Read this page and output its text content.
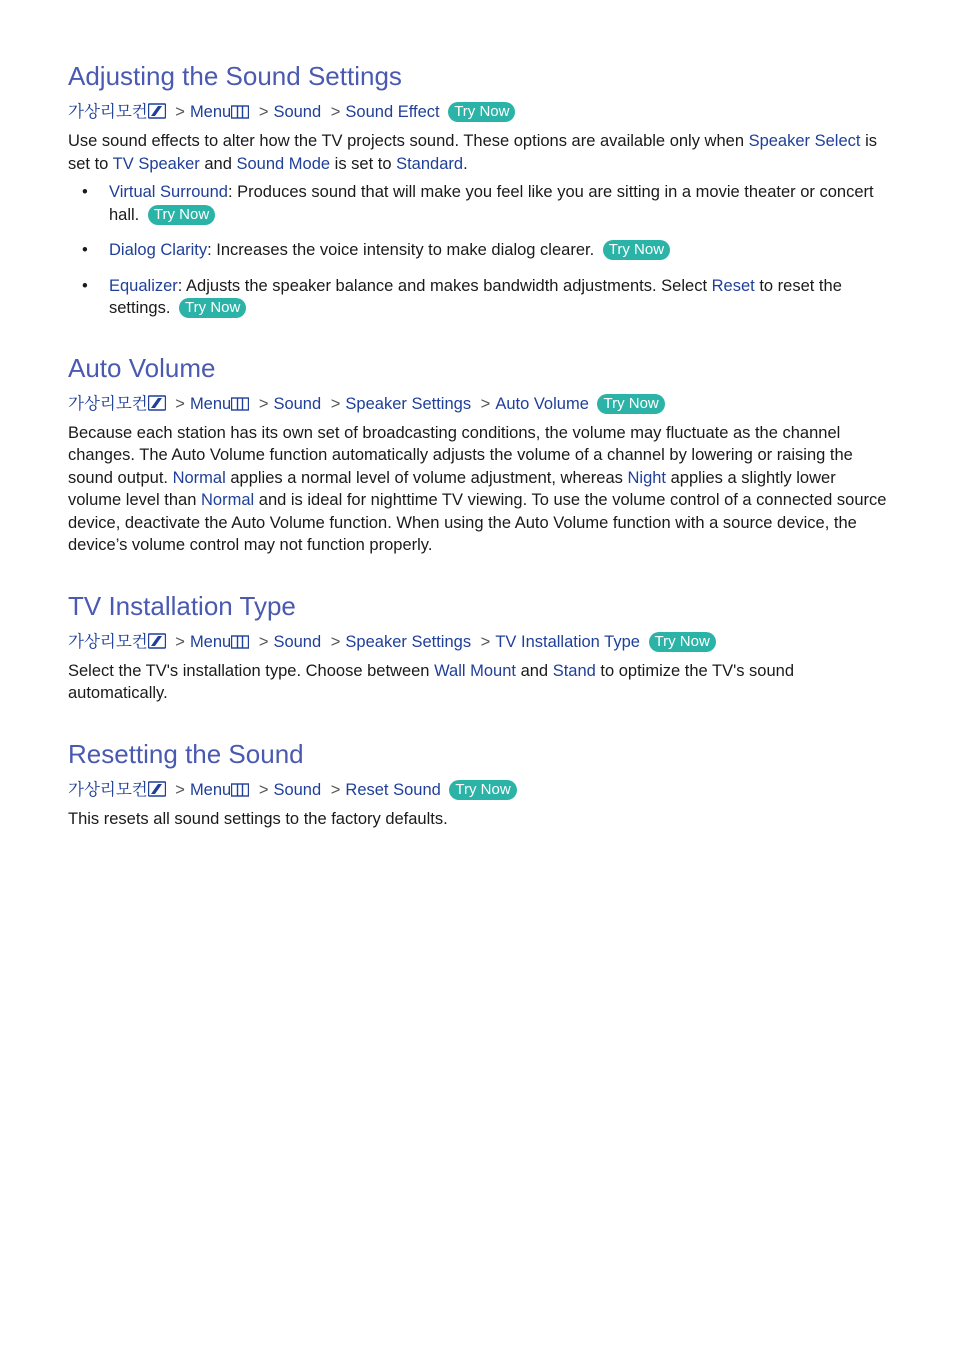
Adjusting the Sound Settings
가상리모컨 > Menu > Sound > Sound Effect Try Now

Use sound effects to alter how the TV projects sound. These options are available only when Speaker Select is set to TV Speaker and Sound Mode is set to Standard.

• Virtual Surround: Produces sound that will make you feel like you are sitting in a movie theater or concert hall. Try Now
• Dialog Clarity: Increases the voice intensity to make dialog clearer. Try Now
• Equalizer: Adjusts the speaker balance and makes bandwidth adjustments. Select Reset to reset the settings. Try Now
Auto Volume
가상리모컨 > Menu > Sound > Speaker Settings > Auto Volume Try Now

Because each station has its own set of broadcasting conditions, the volume may fluctuate as the channel changes. The Auto Volume function automatically adjusts the volume of a channel by lowering or raising the sound output. Normal applies a normal level of volume adjustment, whereas Night applies a slightly lower volume level than Normal and is ideal for nighttime TV viewing. To use the volume control of a connected source device, deactivate the Auto Volume function. When using the Auto Volume function with a source device, the device’s volume control may not function properly.

TV Installation Type
가상리모컨 > Menu > Sound > Speaker Settings > TV Installation Type Try Now

Select the TV's installation type. Choose between Wall Mount and Stand to optimize the TV's sound automatically.

Resetting the Sound
가상리모컨 > Menu > Sound > Reset Sound Try Now

This resets all sound settings to the factory defaults.
